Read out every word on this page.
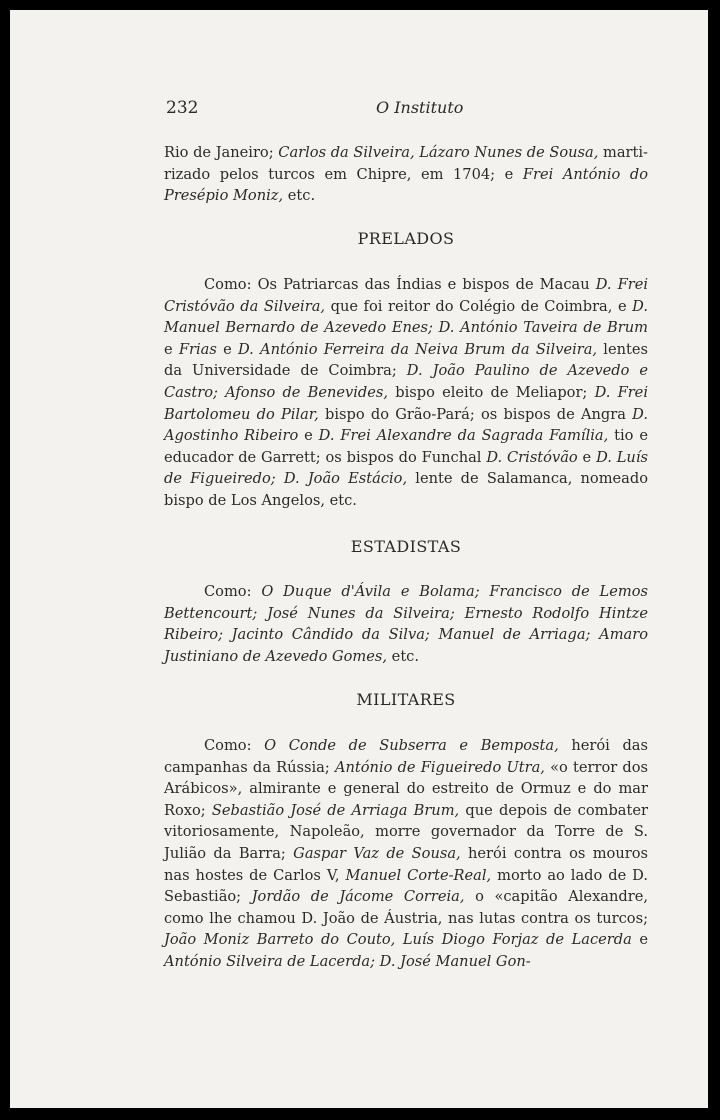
232	O Instituto

Rio de Janeiro; Carlos da Silveira, Lázaro Nunes de Sousa, marti-rizado pelos turcos em Chipre, em 1704; e Frei António do Presépio Moniz, etc.

PRELADOS

Como: Os Patriarcas das Índias e bispos de Macau D. Frei Cristóvão da Silveira, que foi reitor do Colégio de Coimbra, e D. Manuel Bernardo de Azevedo Enes; D. António Taveira de Brum e Frias e D. António Ferreira da Neiva Brum da Silveira, lentes da Universidade de Coimbra; D. João Paulino de Azevedo e Castro; Afonso de Benevides, bispo eleito de Meliapor; D. Frei Bartolomeu do Pilar, bispo do Grão-Pará; os bispos de Angra D. Agostinho Ribeiro e D. Frei Alexandre da Sagrada Família, tio e educador de Garrett; os bispos do Funchal D. Cristóvão e D. Luís de Figueiredo; D. João Estácio, lente de Salamanca, nomeado bispo de Los Angelos, etc.

ESTADISTAS

Como: O Duque d'Ávila e Bolama; Francisco de Lemos Bettencourt; José Nunes da Silveira; Ernesto Rodolfo Hintze Ribeiro; Jacinto Cândido da Silva; Manuel de Arriaga; Amaro Justiniano de Azevedo Gomes, etc.

MILITARES

Como: O Conde de Subserra e Bemposta, herói das campanhas da Rússia; António de Figueiredo Utra, «o terror dos Arábicos», almirante e general do estreito de Ormuz e do mar Roxo; Sebastião José de Arriaga Brum, que depois de combater vitoriosamente, Napoleão, morre governador da Torre de S. Julião da Barra; Gaspar Vaz de Sousa, herói contra os mouros nas hostes de Carlos V, Manuel Corte-Real, morto ao lado de D. Sebastião; Jordão de Jácome Correia, o «capitão Alexandre, como lhe chamou D. João de Áustria, nas lutas contra os turcos; João Moniz Barreto do Couto, Luís Diogo Forjaz de Lacerda e António Silveira de Lacerda; D. José Manuel Gon-
